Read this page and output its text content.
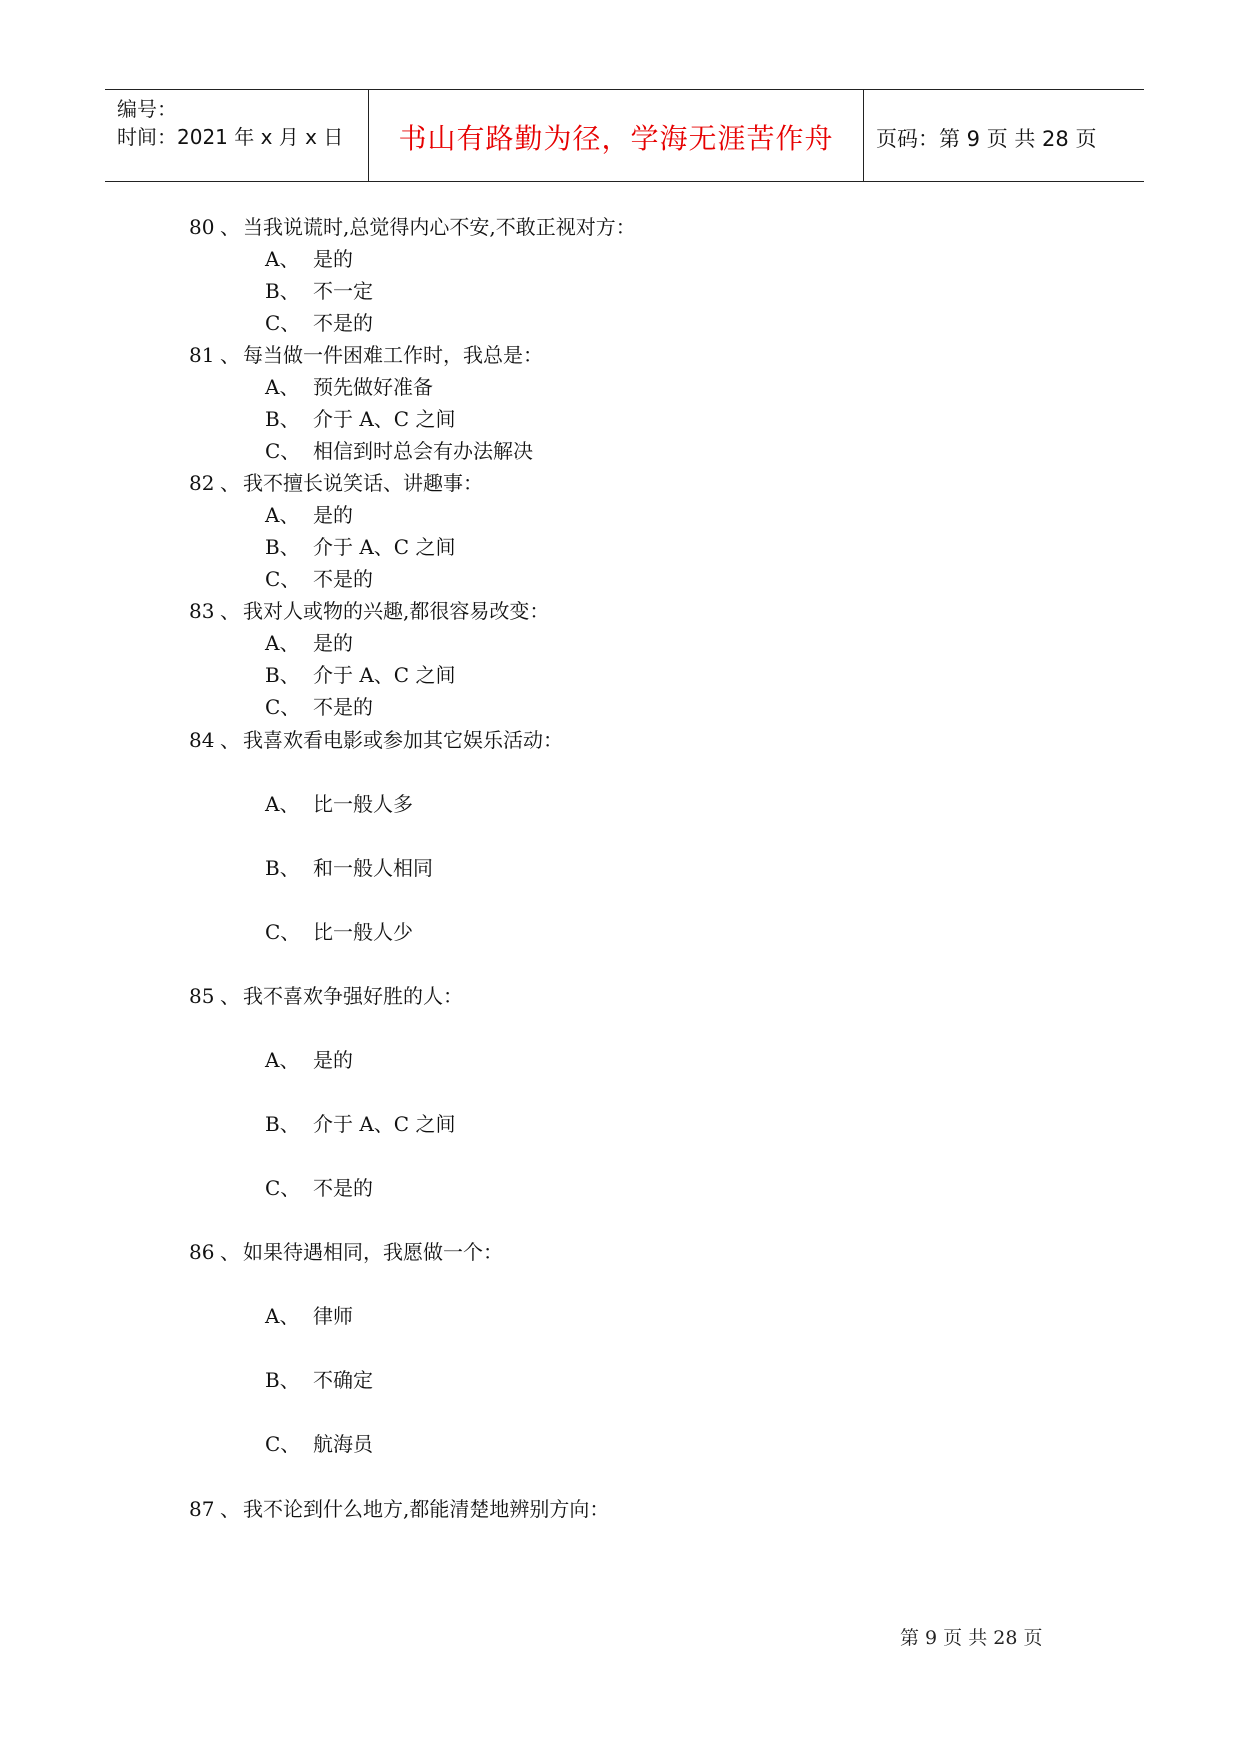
编号：
时间：2021 年 x 月 x 日	书山有路勤为径，学海无涯苦作舟	页码：第 9 页 共 28 页
80 、 当我说谎时,总觉得内心不安,不敢正视对方：
A、 是的
B、 不一定
C、 不是的
81 、 每当做一件困难工作时，我总是：
A、 预先做好准备
B、 介于 A、C 之间
C、 相信到时总会有办法解决
82 、 我不擅长说笑话、讲趣事：
A、 是的
B、 介于 A、C 之间
C、 不是的
83 、 我对人或物的兴趣,都很容易改变：
A、 是的
B、 介于 A、C 之间
C、 不是的
84 、 我喜欢看电影或参加其它娱乐活动：
A、 比一般人多
B、 和一般人相同
C、 比一般人少
85 、 我不喜欢争强好胜的人：
A、 是的
B、 介于 A、C 之间
C、 不是的
86 、 如果待遇相同，我愿做一个：
A、 律师
B、 不确定
C、 航海员
87 、 我不论到什么地方,都能清楚地辨别方向：
第 9 页 共 28 页
